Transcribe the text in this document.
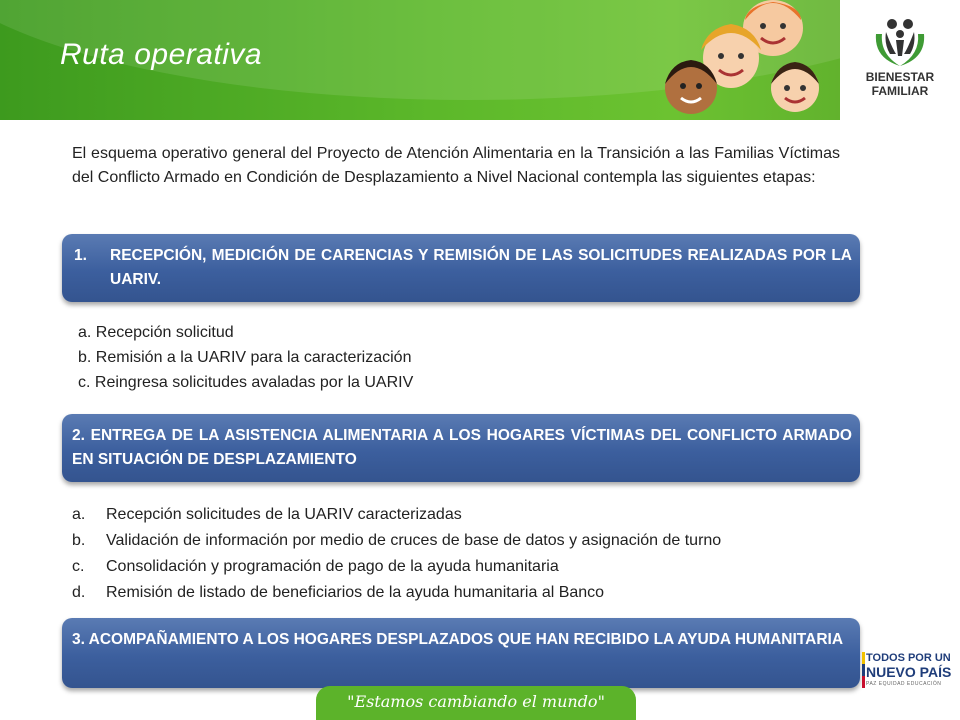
Ruta operativa
BIENESTAR
FAMILIAR
El esquema operativo general del Proyecto de Atención Alimentaria en la Transición a las Familias Víctimas del Conflicto Armado en Condición de Desplazamiento a Nivel Nacional contempla las siguientes etapas:
1. RECEPCIÓN, MEDICIÓN DE CARENCIAS Y REMISIÓN DE LAS SOLICITUDES REALIZADAS POR LA UARIV.
a. Recepción solicitud
b. Remisión a la UARIV para la caracterización
c. Reingresa solicitudes avaladas por la UARIV
2. ENTREGA DE LA ASISTENCIA ALIMENTARIA A LOS HOGARES VÍCTIMAS DEL CONFLICTO ARMADO EN SITUACIÓN DE DESPLAZAMIENTO
a. Recepción solicitudes de la UARIV caracterizadas
b. Validación de información por medio de cruces de base de datos y asignación de turno
c. Consolidación y programación de pago de la ayuda humanitaria
d. Remisión de listado de beneficiarios de la ayuda humanitaria al Banco
3. ACOMPAÑAMIENTO A LOS HOGARES DESPLAZADOS QUE HAN RECIBIDO LA AYUDA HUMANITARIA
"Estamos cambiando el mundo"
TODOS POR UN
NUEVO PAÍS
PAZ EQUIDAD EDUCACIÓN
